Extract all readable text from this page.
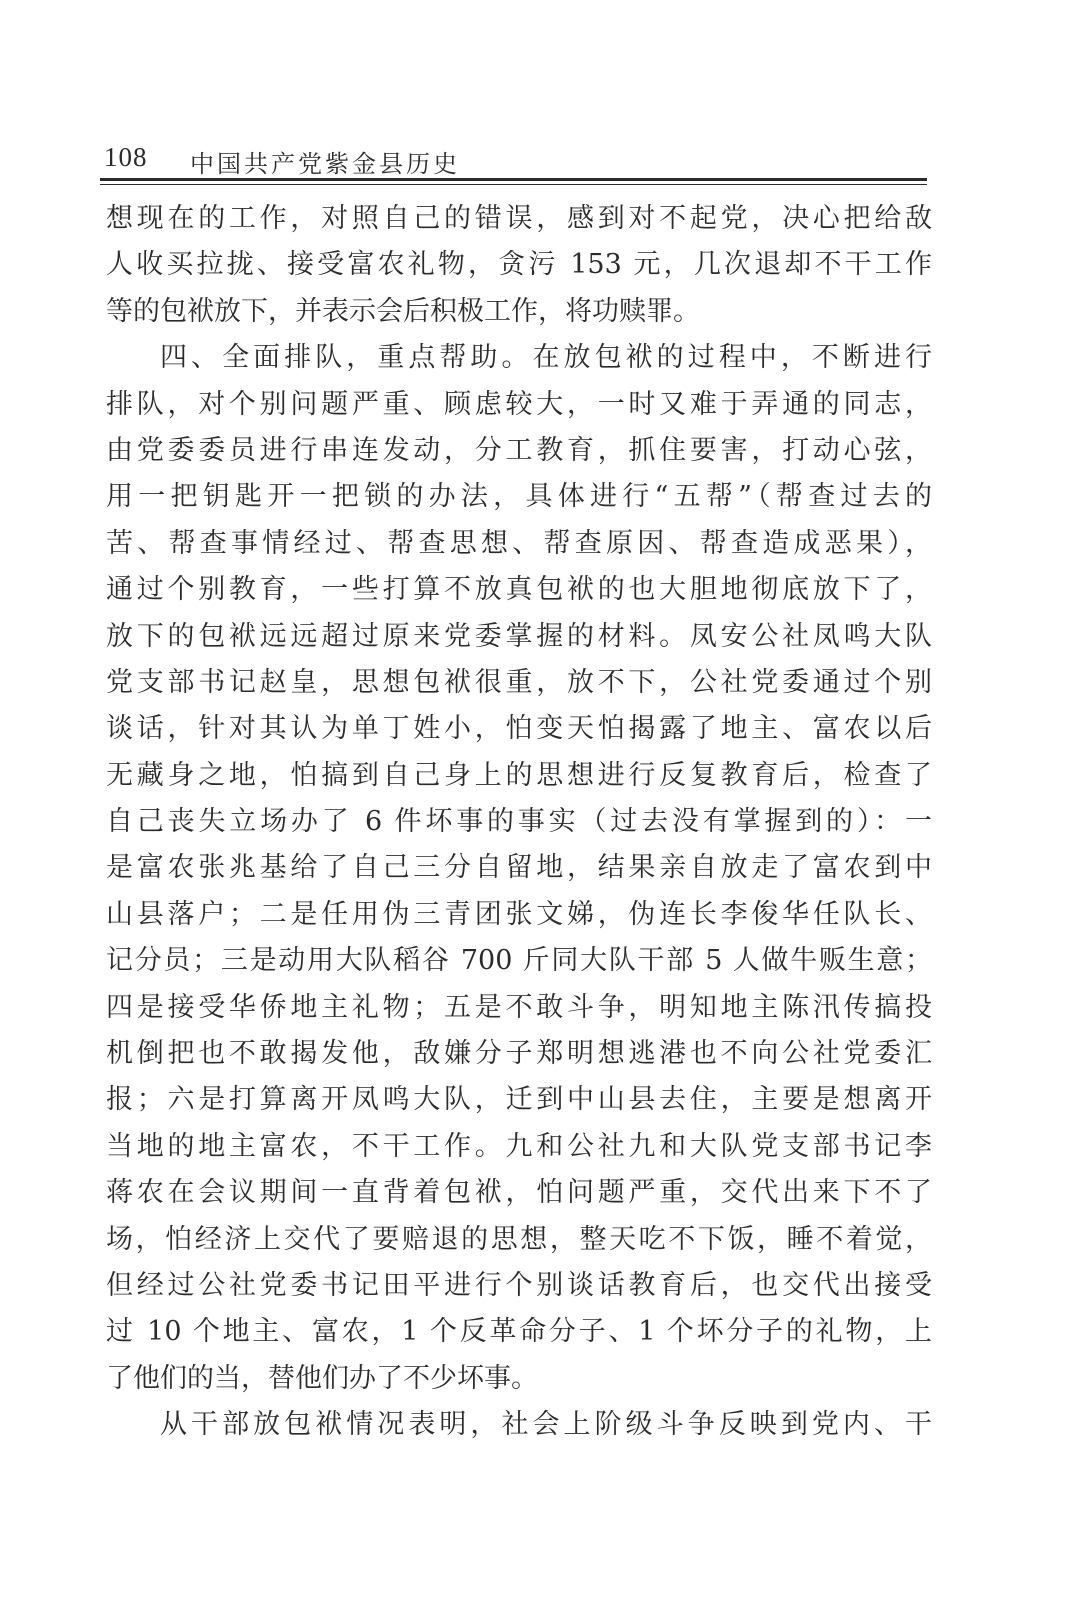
108 中国共产党紫金县历史
想现在的工作，对照自己的错误，感到对不起党，决心把给敌
人收买拉拢、接受富农礼物，贪污 153 元，几次退却不干工作
等的包袱放下，并表示会后积极工作，将功赎罪。
四、全面排队，重点帮助。在放包袱的过程中，不断进行
排队，对个别问题严重、顾虑较大，一时又难于弄通的同志，
由党委委员进行串连发动，分工教育，抓住要害，打动心弦，
用一把钥匙开一把锁的办法，具体进行“五帮”（帮查过去的
苦、帮查事情经过、帮查思想、帮查原因、帮查造成恶果），
通过个别教育，一些打算不放真包袱的也大胆地彻底放下了，
放下的包袱远远超过原来党委掌握的材料。凤安公社凤鸣大队
党支部书记赵皇，思想包袱很重，放不下，公社党委通过个别
谈话，针对其认为单丁姓小，怕变天怕揭露了地主、富农以后
无藏身之地，怕搞到自己身上的思想进行反复教育后，检查了
自己丧失立场办了 6 件坏事的事实（过去没有掌握到的）：一
是富农张兆基给了自己三分自留地，结果亲自放走了富农到中
山县落户；二是任用伪三青团张文娣，伪连长李俊华任队长、
记分员；三是动用大队稻谷 700 斤同大队干部 5 人做牛贩生意；
四是接受华侨地主礼物；五是不敢斗争，明知地主陈汛传搞投
机倒把也不敢揭发他，敌嫌分子郑明想逃港也不向公社党委汇
报；六是打算离开凤鸣大队，迁到中山县去住，主要是想离开
当地的地主富农，不干工作。九和公社九和大队党支部书记李
蒋农在会议期间一直背着包袱，怕问题严重，交代出来下不了
场，怕经济上交代了要赔退的思想，整天吃不下饭，睡不着觉，
但经过公社党委书记田平进行个别谈话教育后，也交代出接受
过 10 个地主、富农，1 个反革命分子、1 个坏分子的礼物，上
了他们的当，替他们办了不少坏事。
从干部放包袱情况表明，社会上阶级斗争反映到党内、干
